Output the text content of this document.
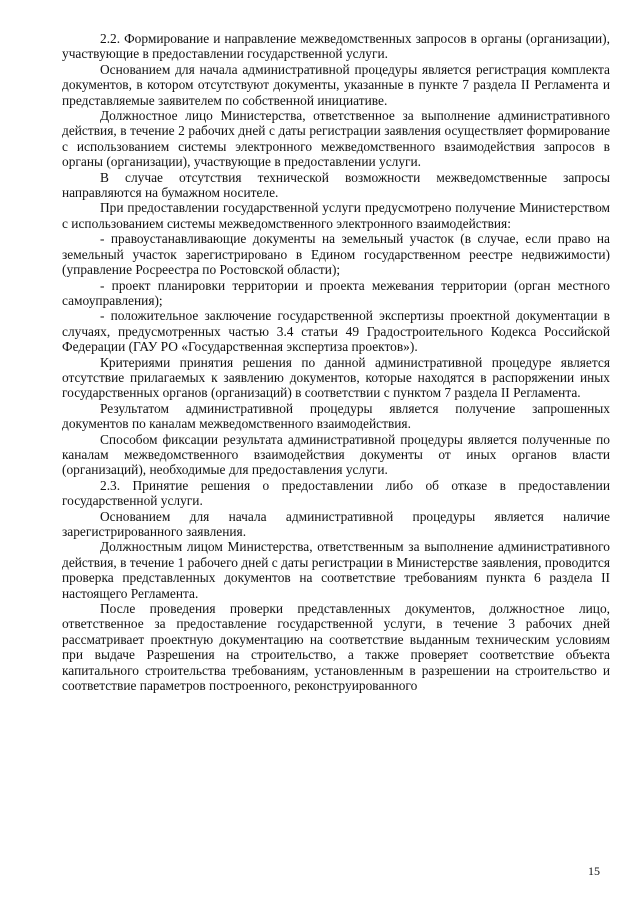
2.2. Формирование и направление межведомственных запросов в органы (организации), участвующие в предоставлении государственной услуги.

Основанием для начала административной процедуры является регистрация комплекта документов, в котором отсутствуют документы, указанные в пункте 7 раздела II Регламента и представляемые заявителем по собственной инициативе.

Должностное лицо Министерства, ответственное за выполнение административного действия, в течение 2 рабочих дней с даты регистрации заявления осуществляет формирование с использованием системы электронного межведомственного взаимодействия запросов в органы (организации), участвующие в предоставлении услуги.

В случае отсутствия технической возможности межведомственные запросы направляются на бумажном носителе.

При предоставлении государственной услуги предусмотрено получение Министерством с использованием системы межведомственного электронного взаимодействия:

- правоустанавливающие документы на земельный участок (в случае, если право на земельный участок зарегистрировано в Едином государственном реестре недвижимости) (управление Росреестра по Ростовской области);

- проект планировки территории и проекта межевания территории (орган местного самоуправления);

- положительное заключение государственной экспертизы проектной документации в случаях, предусмотренных частью 3.4 статьи 49 Градостроительного Кодекса Российской Федерации (ГАУ РО «Государственная экспертиза проектов»).

Критериями принятия решения по данной административной процедуре является отсутствие прилагаемых к заявлению документов, которые находятся в распоряжении иных государственных органов (организаций) в соответствии с пунктом 7 раздела II Регламента.

Результатом административной процедуры является получение запрошенных документов по каналам межведомственного взаимодействия.

Способом фиксации результата административной процедуры является полученные по каналам межведомственного взаимодействия документы от иных органов власти (организаций), необходимые для предоставления услуги.

2.3. Принятие решения о предоставлении либо об отказе в предоставлении государственной услуги.

Основанием для начала административной процедуры является наличие зарегистрированного заявления.

Должностным лицом Министерства, ответственным за выполнение административного действия, в течение 1 рабочего дней с даты регистрации в Министерстве заявления, проводится проверка представленных документов на соответствие требованиям пункта 6 раздела II настоящего Регламента.

После проведения проверки представленных документов, должностное лицо, ответственное за предоставление государственной услуги, в течение 3 рабочих дней рассматривает проектную документацию на соответствие выданным техническим условиям при выдаче Разрешения на строительство, а также проверяет соответствие объекта капитального строительства требованиям, установленным в разрешении на строительство и соответствие параметров построенного, реконструированного

15
